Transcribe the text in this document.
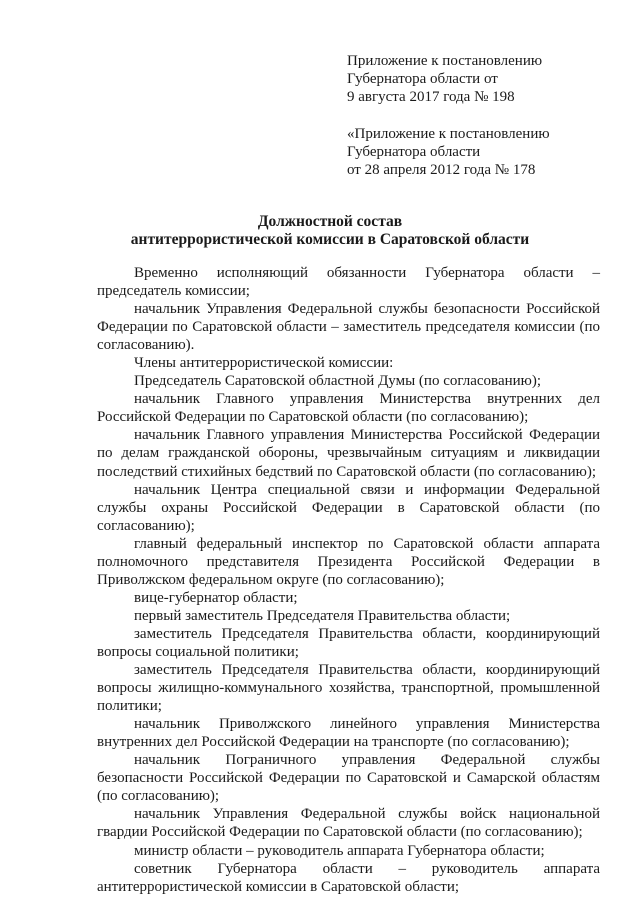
Приложение к постановлению
Губернатора области от
9 августа 2017 года № 198
«Приложение к постановлению
Губернатора области
от 28 апреля 2012 года № 178
Должностной состав
антитеррористической комиссии в Саратовской области

Временно исполняющий обязанности Губернатора области – председатель комиссии;

начальник Управления Федеральной службы безопасности Российской Федерации по Саратовской области – заместитель председателя комиссии (по согласованию).

Члены антитеррористической комиссии:

Председатель Саратовской областной Думы (по согласованию);

начальник Главного управления Министерства внутренних дел Российской Федерации по Саратовской области (по согласованию);

начальник Главного управления Министерства Российской Федерации по делам гражданской обороны, чрезвычайным ситуациям и ликвидации последствий стихийных бедствий по Саратовской области (по согласованию);

начальник Центра специальной связи и информации Федеральной службы охраны Российской Федерации в Саратовской области (по согласованию);

главный федеральный инспектор по Саратовской области аппарата полномочного представителя Президента Российской Федерации в Приволжском федеральном округе (по согласованию);

вице-губернатор области;

первый заместитель Председателя Правительства области;

заместитель Председателя Правительства области, координирующий вопросы социальной политики;

заместитель Председателя Правительства области, координирующий вопросы жилищно-коммунального хозяйства, транспортной, промышленной политики;

начальник Приволжского линейного управления Министерства внутренних дел Российской Федерации на транспорте (по согласованию);

начальник Пограничного управления Федеральной службы безопасности Российской Федерации по Саратовской и Самарской областям (по согласованию);

начальник Управления Федеральной службы войск национальной гвардии Российской Федерации по Саратовской области (по согласованию);

министр области – руководитель аппарата Губернатора области;

советник Губернатора области – руководитель аппарата антитеррористической комиссии в Саратовской области;
